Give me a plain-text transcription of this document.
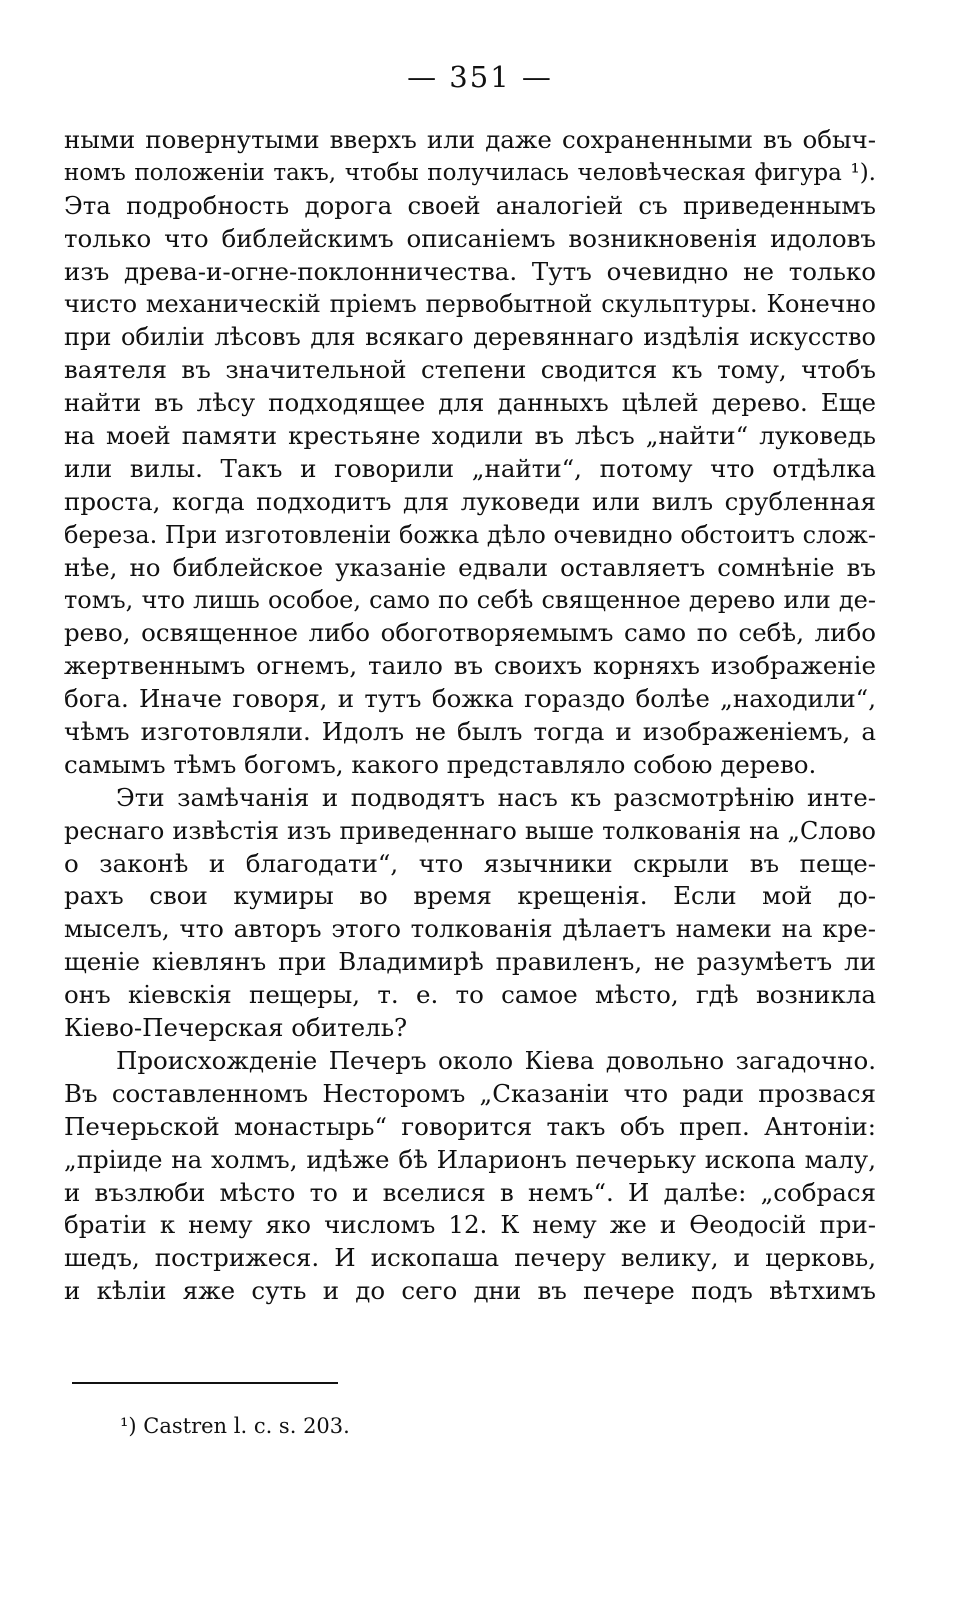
— 351 —
ными повернутыми вверхъ или даже сохраненными въ обыч-
номъ положеніи такъ, чтобы получилась человѣческая фигура ¹).
Эта подробность дорога своей аналогіей съ приведеннымъ
только что библейскимъ описаніемъ возникновенія идоловъ
изъ древа-и-огне-поклонничества. Тутъ очевидно не только
чисто механическій пріемъ первобытной скульптуры. Конечно
при обиліи лѣсовъ для всякаго деревяннаго издѣлія искусство
ваятеля въ значительной степени сводится къ тому, чтобъ
найти въ лѣсу подходящее для данныхъ цѣлей дерево. Еще
на моей памяти крестьяне ходили въ лѣсъ „найти“ луковедь
или вилы. Такъ и говорили „найти“, потому что отдѣлка
проста, когда подходитъ для луковеди или вилъ срубленная
береза. При изготовленіи божка дѣло очевидно обстоитъ слож-
нѣе, но библейское указаніе едвали оставляетъ сомнѣніе въ
томъ, что лишь особое, само по себѣ священное дерево или де-
рево, освященное либо обоготворяемымъ само по себѣ, либо
жертвеннымъ огнемъ, таило въ своихъ корняхъ изображеніе
бога. Иначе говоря, и тутъ божка гораздо болѣе „находили“,
чѣмъ изготовляли. Идолъ не былъ тогда и изображеніемъ, а
самымъ тѣмъ богомъ, какого представляло собою дерево.
Эти замѣчанія и подводятъ насъ къ разсмотрѣнію инте-
реснаго извѣстія изъ приведеннаго выше толкованія на „Слово
о законѣ и благодати“, что язычники скрыли въ пеще-
рахъ свои кумиры во время крещенія. Если мой до-
мыселъ, что авторъ этого толкованія дѣлаетъ намеки на кре-
щеніе кіевлянъ при Владимирѣ правиленъ, не разумѣетъ ли
онъ кіевскія пещеры, т. е. то самое мѣсто, гдѣ возникла
Кіево-Печерская обитель?
Происхожденіе Печеръ около Кіева довольно загадочно.
Въ составленномъ Несторомъ „Сказаніи что ради прозвася
Печерьской монастырь“ говорится такъ объ преп. Антоніи:
„пріиде на холмъ, идѣже бѣ Иларионъ печерьку ископа малу,
и възлюби мѣсто то и вселися в немъ“. И далѣе: „собрася
братіи к нему яко числомъ 12. К нему же и Ѳеодосій при-
шедъ, пострижеся. И ископаша печеру велику, и церковь,
и кѣліи яже суть и до сего дни въ печере подъ вѣтхимъ
¹) Castren l. c. s. 203.
